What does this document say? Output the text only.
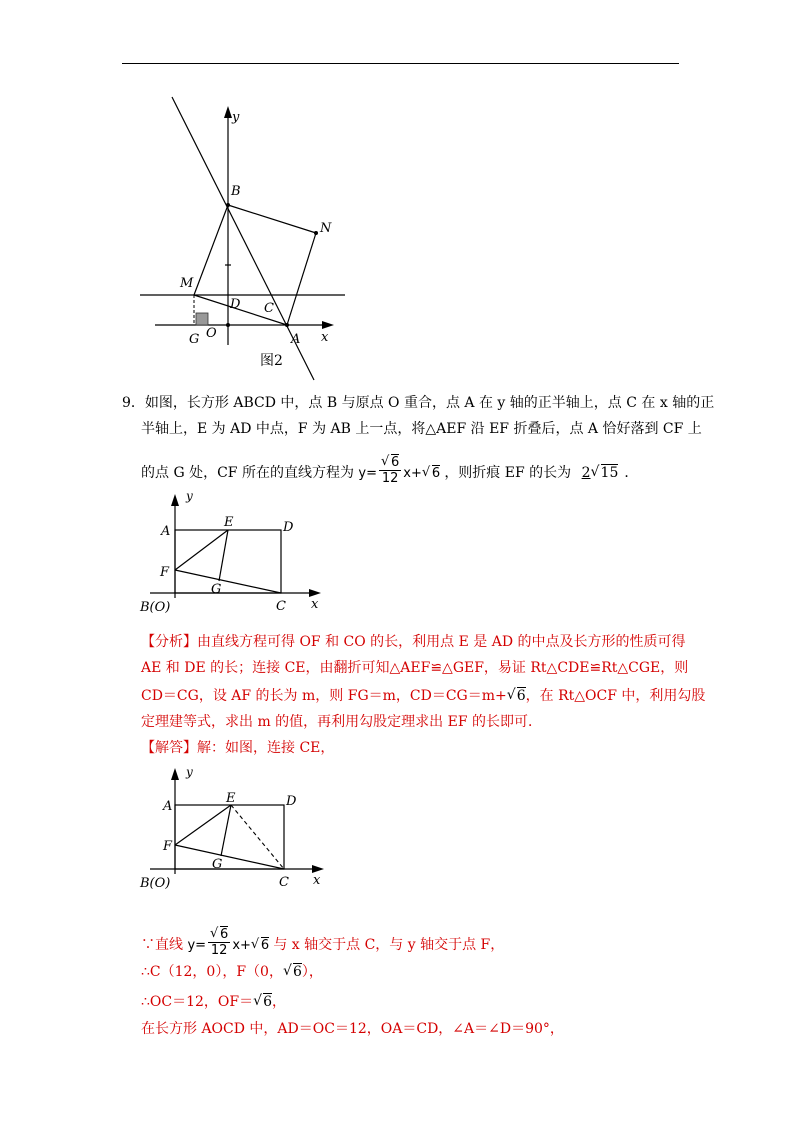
y
B
N
M
D C
O
G	A x
图2
9．如图，长方形 ABCD 中，点 B 与原点 O 重合，点 A 在 y 轴的正半轴上，点 C 在 x 轴的正
半轴上，E 为 AD 中点，F 为 AB 上一点，将△AEF 沿 EF 折叠后，点 A 恰好落到 CF 上
的点 G 处，CF 所在的直线方程为 y=
√ $\frac{6}{12} x+√$ 6 ，则折痕 EF 的长为 2√ 15 ．
y
A
E	D
F
G
B(O)	C x
【分析】由直线方程可得 OF 和 CO 的长，利用点 E 是 AD 的中点及长方形的性质可得
AE 和 DE 的长；连接 CE，由翻折可知△AEF≌△GEF，易证 Rt△CDE≌Rt△CGE，则
CD＝CG，设 AF 的长为 m，则 FG＝m，CD＝CG＝m+√ 6，在 Rt△OCF 中，利用勾股
定理建等式，求出 m 的值，再利用勾股定理求出 EF 的长即可．
【解答】解：如图，连接 CE，
y
A
E	D
F
G
B(O)	C x
∵直线 y=
√ $\frac{6}{12} x+√$ 6 与 x 轴交于点 C，与 y 轴交于点 F，
∴C（12，0），F（0，√ 6），
∴OC＝12，OF＝√ 6，
在长方形 AOCD 中，AD＝OC＝12，OA＝CD，∠A＝∠D＝90°，
